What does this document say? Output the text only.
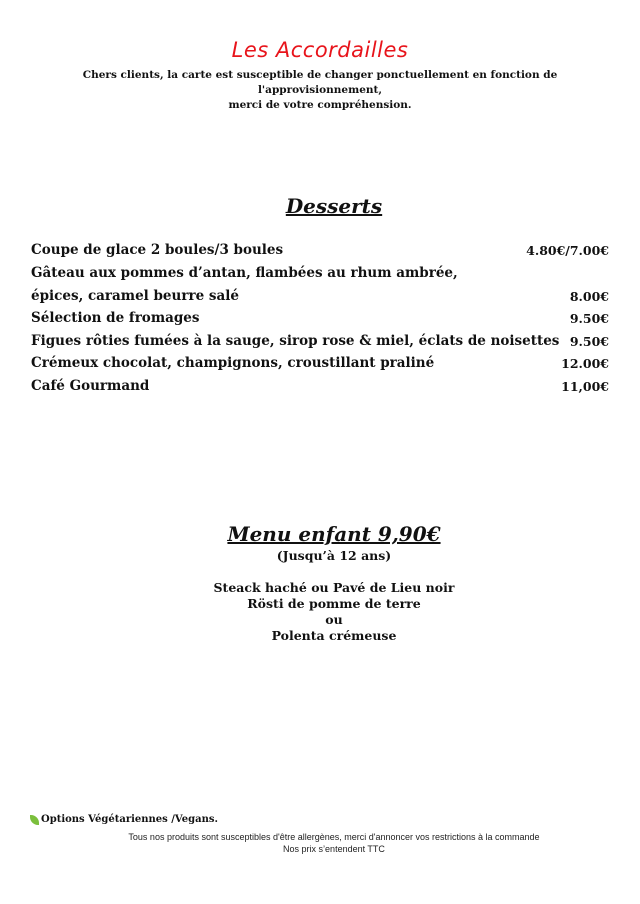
Les Accordailles
Chers clients, la carte est susceptible de changer ponctuellement en fonction de l'approvisionnement,
merci de votre compréhension.
Desserts
Coupe de glace 2 boules/3 boules	4.80€/7.00€
Gâteau aux pommes d’antan, flambées au rhum ambrée,
épices, caramel beurre salé	8.00€
Sélection de fromages	9.50€
Figues rôties fumées à la sauge, sirop rose & miel, éclats de noisettes 9.50€
Crémeux chocolat, champignons, croustillant praliné	12.00€
Café Gourmand	11,00€
Menu enfant 9,90€
(Jusqu’à 12 ans)
Steack haché ou Pavé de Lieu noir
Rösti de pomme de terre
ou
Polenta crémeuse
Options Végétariennes /Vegans.
Tous nos produits sont susceptibles d'être allergènes, merci d'annoncer vos restrictions à la commande
Nos prix s’entendent TTC
